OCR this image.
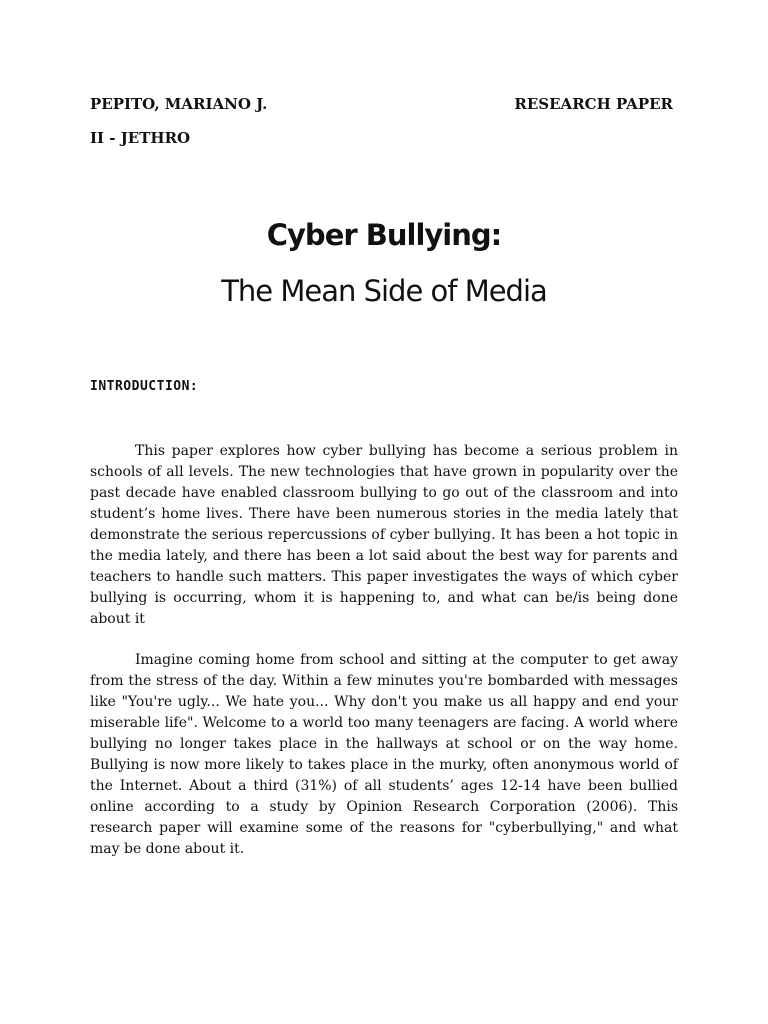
PEPITO, MARIANO J.	RESEARCH PAPER
II - JETHRO
Cyber Bullying:
The Mean Side of Media
INTRODUCTION:

This paper explores how cyber bullying has become a serious problem in schools of all levels. The new technologies that have grown in popularity over the past decade have enabled classroom bullying to go out of the classroom and into student’s home lives. There have been numerous stories in the media lately that demonstrate the serious repercussions of cyber bullying. It has been a hot topic in the media lately, and there has been a lot said about the best way for parents and teachers to handle such matters. This paper investigates the ways of which cyber bullying is occurring, whom it is happening to, and what can be/is being done about it

Imagine coming home from school and sitting at the computer to get away from the stress of the day. Within a few minutes you're bombarded with messages like "You're ugly... We hate you... Why don't you make us all happy and end your miserable life". Welcome to a world too many teenagers are facing. A world where bullying no longer takes place in the hallways at school or on the way home. Bullying is now more likely to takes place in the murky, often anonymous world of the Internet. About a third (31%) of all students’ ages 12-14 have been bullied online according to a study by Opinion Research Corporation (2006). This research paper will examine some of the reasons for "cyberbullying," and what may be done about it.
